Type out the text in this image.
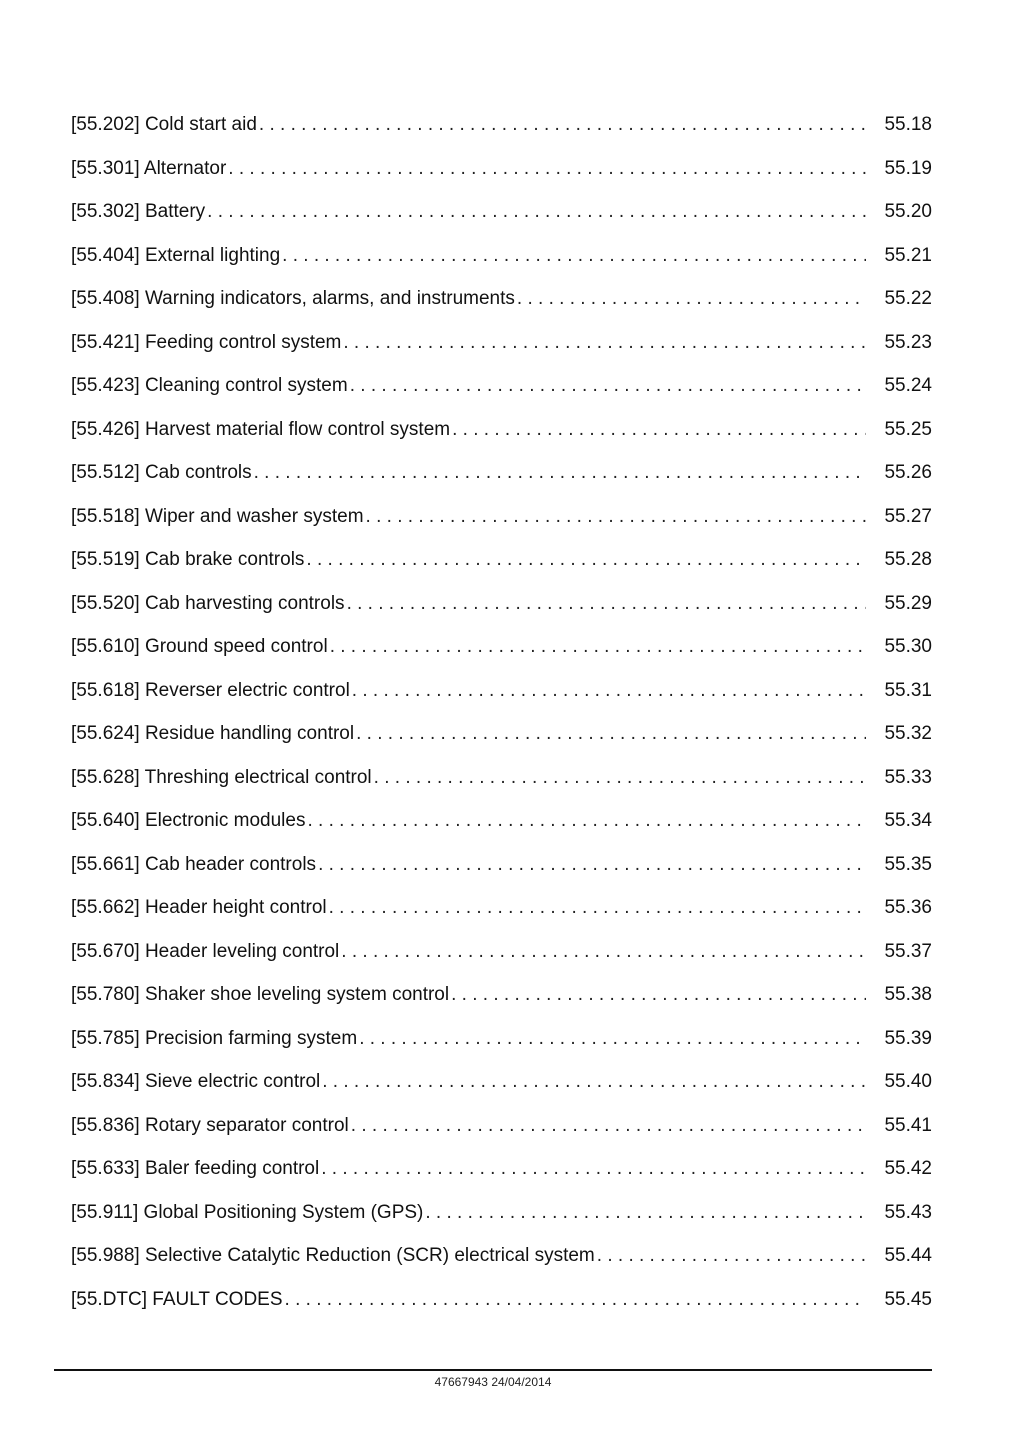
[55.202] Cold start aid . . .	55.18
[55.301] Alternator . . .	55.19
[55.302] Battery . . .	55.20
[55.404] External lighting . . .	55.21
[55.408] Warning indicators, alarms, and instruments . . .	55.22
[55.421] Feeding control system . . .	55.23
[55.423] Cleaning control system . . .	55.24
[55.426] Harvest material flow control system . . .	55.25
[55.512] Cab controls . . .	55.26
[55.518] Wiper and washer system . . .	55.27
[55.519] Cab brake controls . . .	55.28
[55.520] Cab harvesting controls . . .	55.29
[55.610] Ground speed control . . .	55.30
[55.618] Reverser electric control . . .	55.31
[55.624] Residue handling control . . .	55.32
[55.628] Threshing electrical control . . .	55.33
[55.640] Electronic modules . . .	55.34
[55.661] Cab header controls . . .	55.35
[55.662] Header height control . . .	55.36
[55.670] Header leveling control . . .	55.37
[55.780] Shaker shoe leveling system control . . .	55.38
[55.785] Precision farming system . . .	55.39
[55.834] Sieve electric control . . .	55.40
[55.836] Rotary separator control . . .	55.41
[55.633] Baler feeding control . . .	55.42
[55.911] Global Positioning System (GPS) . . .	55.43
[55.988] Selective Catalytic Reduction (SCR) electrical system . . .	55.44
[55.DTC] FAULT CODES . . .	55.45
47667943 24/04/2014
